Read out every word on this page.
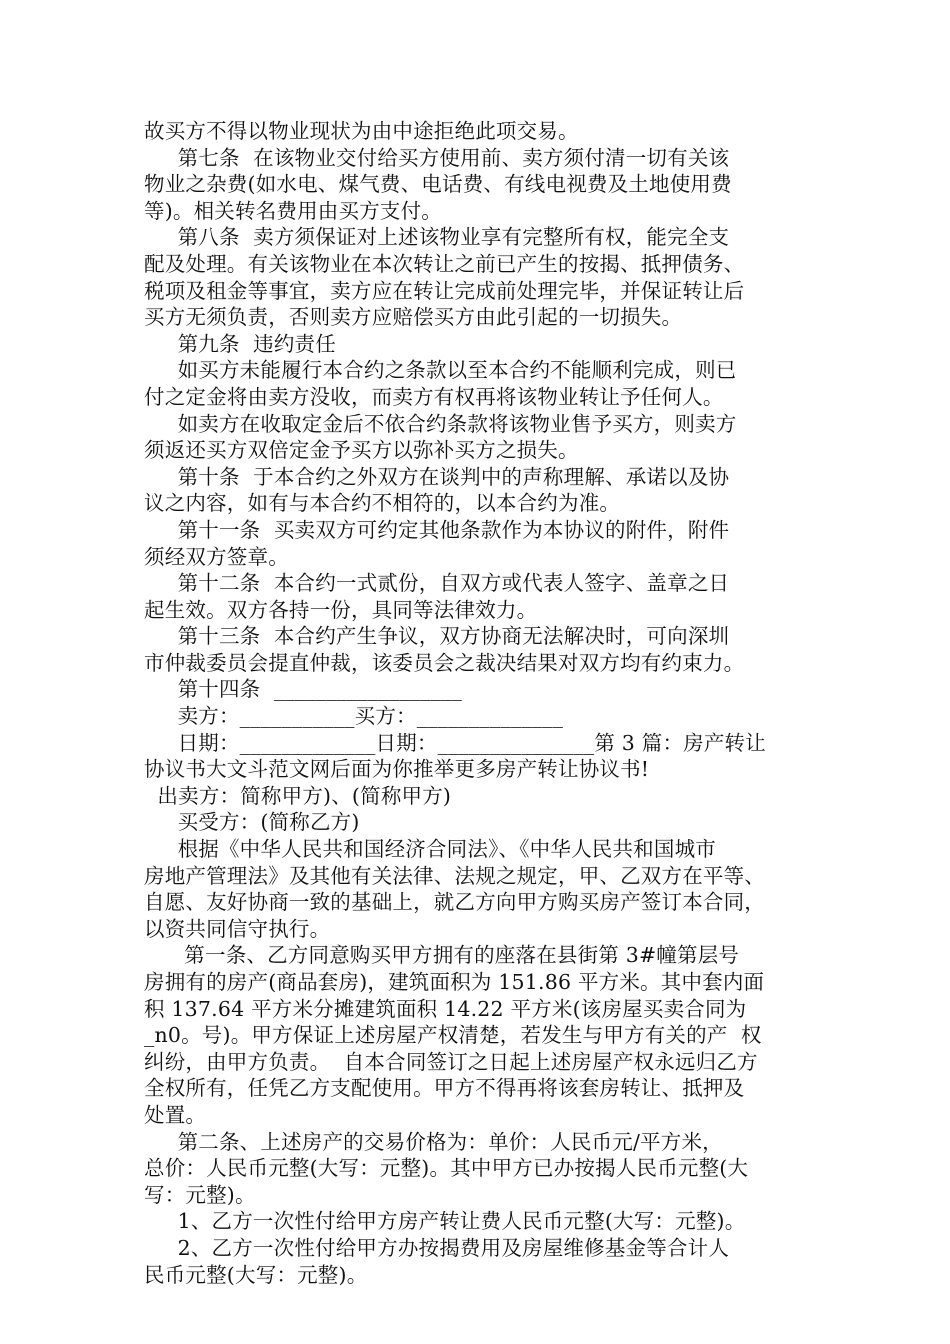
故买方不得以物业现状为由中途拒绝此项交易。
第七条  在该物业交付给买方使用前、卖方须付清一切有关该
物业之杂费(如水电、煤气费、电话费、有线电视费及土地使用费
等)。相关转名费用由买方支付。
第八条  卖方须保证对上述该物业享有完整所有权，能完全支
配及处理。有关该物业在本次转让之前已产生的按揭、抵押债务、
税项及租金等事宜，卖方应在转让完成前处理完毕，并保证转让后
买方无须负责，否则卖方应赔偿买方由此引起的一切损失。
第九条  违约责任
如买方未能履行本合约之条款以至本合约不能顺利完成，则已
付之定金将由卖方没收，而卖方有权再将该物业转让予任何人。
如卖方在收取定金后不依合约条款将该物业售予买方，则卖方
须返还买方双倍定金予买方以弥补买方之损失。
第十条  于本合约之外双方在谈判中的声称理解、承诺以及协
议之内容，如有与本合约不相符的，以本合约为准。
第十一条  买卖双方可约定其他条款作为本协议的附件，附件
须经双方签章。
第十二条  本合约一式贰份，自双方或代表人签字、盖章之日
起生效。双方各持一份，具同等法律效力。
第十三条  本合约产生争议，双方协商无法解决时，可向深圳
市仲裁委员会提直仲裁，该委员会之裁决结果对双方均有约束力。
第十四条  __________________
卖方：___________买方：______________
日期：_____________日期：_______________第 3 篇：房产转让
协议书大文斗范文网后面为你推举更多房产转让协议书!
出卖方：简称甲方)、(简称甲方)
买受方：(简称乙方)
根据《中华人民共和国经济合同法》、《中华人民共和国城市
房地产管理法》及其他有关法律、法规之规定，甲、乙双方在平等、
自愿、友好协商一致的基础上，就乙方向甲方购买房产签订本合同，
以资共同信守执行。
第一条、乙方同意购买甲方拥有的座落在县街第 3#幢第层号
房拥有的房产(商品套房)，建筑面积为 151.86 平方米。其中套内面
积 137.64 平方米分摊建筑面积 14.22 平方米(该房屋买卖合同为
_n0。号)。甲方保证上述房屋产权清楚，若发生与甲方有关的产  权
纠纷，由甲方负责。  自本合同签订之日起上述房屋产权永远归乙方
全权所有，任凭乙方支配使用。甲方不得再将该套房转让、抵押及
处置。
第二条、上述房产的交易价格为：单价：人民币元/平方米，
总价：人民币元整(大写：元整)。其中甲方已办按揭人民币元整(大
写：元整)。
1、乙方一次性付给甲方房产转让费人民币元整(大写：元整)。
2、乙方一次性付给甲方办按揭费用及房屋维修基金等合计人
民币元整(大写：元整)。
